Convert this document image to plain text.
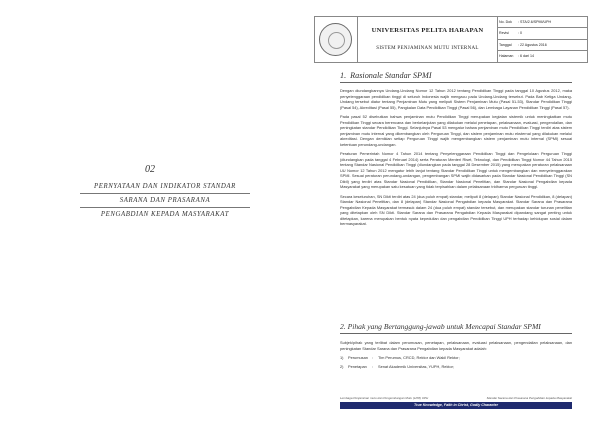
02
PERNYATAAN DAN INDIKATOR STANDAR
SARANA DAN PRASARANA
PENGABDIAN KEPADA MASYARAKAT
UNIVERSITAS PELITA HARAPAN
SISTEM PENJAMINAN MUTU INTERNAL
No. Dok	: STA/2.6/SPMI/UPH
Revisi	: 0
Tanggal	: 22 Agustus 2016
Halaman	: 6 dari 14
1. Rasionale Standar SPMI

Dengan diundangkannya Undang-Undang Nomor 12 Tahun 2012 tentang Pendidikan Tinggi pada tanggal 10 Agustus 2012, maka penyelenggaraan pendidikan tinggi di seluruh Indonesia wajib mengacu pada Undang-Undang tersebut. Pada Bab Ketiga Undang-Undang tersebut diatur tentang Penjaminan Mutu yang meliputi Sistem Penjaminan Mutu (Pasal 51-53), Standar Pendidikan Tinggi (Pasal 54), Akreditasi (Pasal 55), Pangkalan Data Pendidikan Tinggi (Pasal 56), dan Lembaga Layanan Pendidikan Tinggi (Pasal 57).

Pada pasal 52 disebutkan bahwa penjaminan mutu Pendidikan Tinggi merupakan kegiatan sistemik untuk meningkatkan mutu Pendidikan Tinggi secara berencana dan berkelanjutan yang dilakukan melalui penetapan, pelaksanaan, evaluasi, pengendalian, dan peningkatan standar Pendidikan Tinggi. Selanjutnya Pasal 53 mengatur bahwa penjaminan mutu Pendidikan Tinggi terdiri atas sistem penjaminan mutu internal yang dikembangkan oleh Perguruan Tinggi, dan sistem penjaminan mutu eksternal yang dilakukan melalui akreditasi. Dengan demikian setiap Perguruan Tinggi wajib mengembangkan sistem penjaminan mutu internal (SPMI) sesuai ketentuan perundang-undangan.

Peraturan Pemerintah Nomor 4 Tahun 2014 tentang Penyelenggaraan Pendidikan Tinggi dan Pengelolaan Perguruan Tinggi (diundangkan pada tanggal 4 Februari 2014) serta Peraturan Menteri Riset, Teknologi, dan Pendidikan Tinggi Nomor 44 Tahun 2015 tentang Standar Nasional Pendidikan Tinggi (diundangkan pada tanggal 28 Desember 2015) yang merupakan peraturan pelaksanaan UU Nomor 12 Tahun 2012 mengatur lebih lanjut tentang Standar Pendidikan Tinggi untuk mengembangkan dan menyelenggarakan SPMI. Sesuai peraturan perundang-undangan, pengembangan SPMI wajib didasarkan pada Standar Nasional Pendidikan Tinggi (SN Dikti) yang terdiri atas Standar Nasional Pendidikan, Standar Nasional Penelitian, dan Standar Nasional Pengabdian kepada Masyarakat yang merupakan satu kesatuan yang tidak terpisahkan dalam pelaksanaan tridharma perguruan tinggi.

Secara keseluruhan, SN Dikti terdiri atas 24 (dua puluh empat) standar, meliputi 8 (delapan) Standar Nasional Pendidikan, 8 (delapan) Standar Nasional Penelitian, dan 8 (delapan) Standar Nasional Pengabdian kepada Masyarakat. Standar Sarana dan Prasarana Pengabdian Kepada Masyarakat termasuk dalam 24 (dua puluh empat) standar tersebut, dan merupakan standar turunan penelitian yang ditetapkan oleh SN Dikti. Standar Sarana dan Prasarana Pengabdian Kepada Masyarakat dipandang sangat penting untuk ditetapkan, karena merupakan bentuk nyata kepedulian dan pengabdian Pendidikan Tinggi UPH terhadap kehidupan sosial dalam bermasyarakat.

2. Pihak yang Bertanggung-jawab untuk Mencapai Standar SPMI

Subjek/pihak yang terlibat dalam perumusan, penetapan, pelaksanaan, evaluasi pelaksanaan, pengendalian pelaksanaan, dan peningkatan Standar Sarana dan Prasarana Pengabdian kepada Masyarakat adalah:

1)	Perumusan	:	Tim Perumus, CRCD, Rektor dan Wakil Rektor;
2)	Penetapan	:	Senat Akademik Universitas, YUPH, Rektor;
Lembaga Penjaminan mutu dan Pengembangan Mutu (LPM) UPH	Standar Sarana dan Prasarana Pengabdian kepada Masyarakat
True Knowledge, Faith in Christ, Godly Character
